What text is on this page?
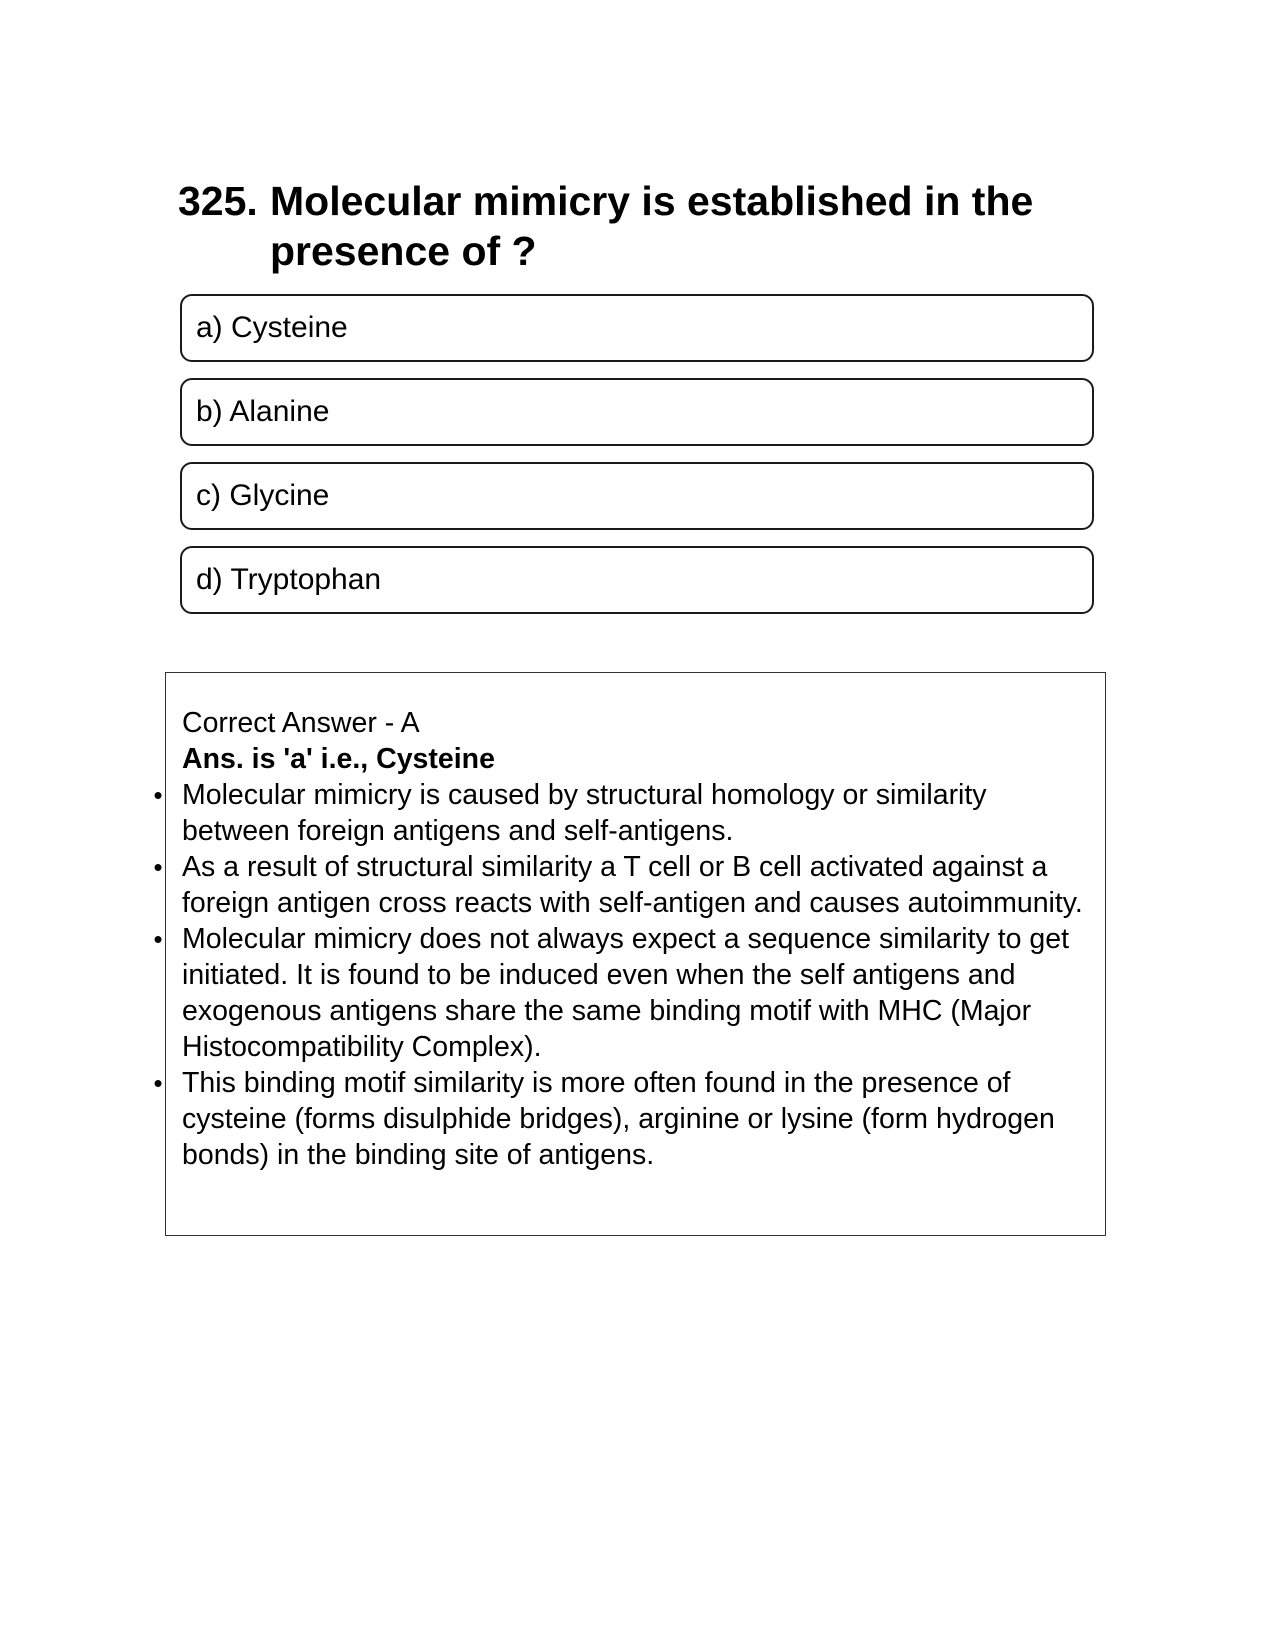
325. Molecular mimicry is established in the presence of ?
a) Cysteine
b) Alanine
c) Glycine
d) Tryptophan

Correct Answer - A

Ans. is 'a' i.e., Cysteine

• Molecular mimicry is caused by structural homology or similarity between foreign antigens and self-antigens.
• As a result of structural similarity a T cell or B cell activated against a foreign antigen cross reacts with self-antigen and causes autoimmunity.
• Molecular mimicry does not always expect a sequence similarity to get initiated. It is found to be induced even when the self antigens and exogenous antigens share the same binding motif with MHC (Major Histocompatibility Complex).
• This binding motif similarity is more often found in the presence of cysteine (forms disulphide bridges), arginine or lysine (form hydrogen bonds) in the binding site of antigens.
